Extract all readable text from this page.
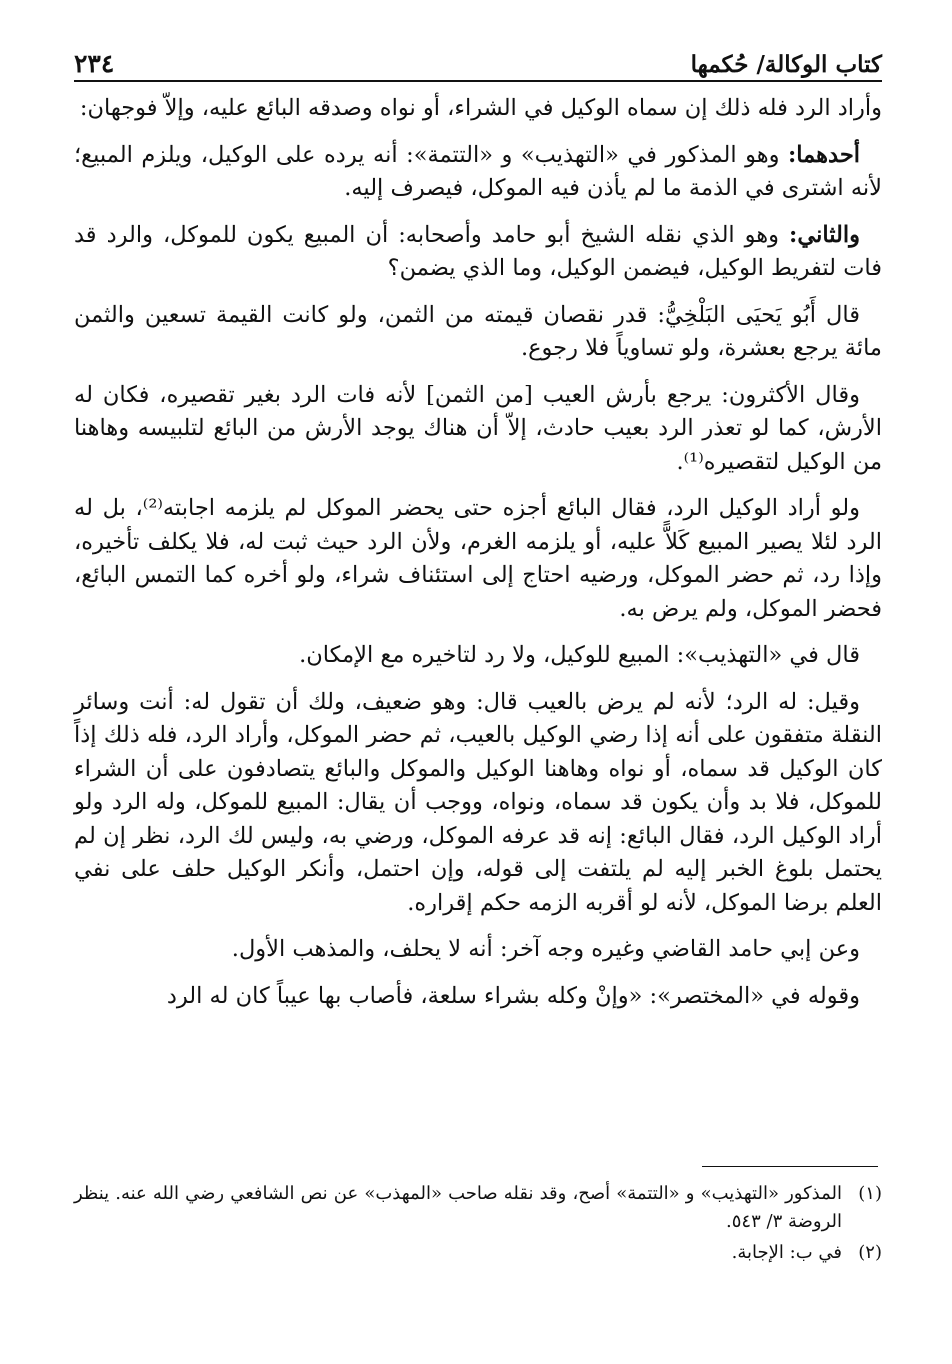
كتاب الوكالة/ حُكمها
٢٣٤

وأراد الرد فله ذلك إن سماه الوكيل في الشراء، أو نواه وصدقه البائع عليه، وإلاّ فوجهان:

أحدهما: وهو المذكور في «التهذيب» و «التتمة»: أنه يرده على الوكيل، ويلزم المبيع؛ لأنه اشترى في الذمة ما لم يأذن فيه الموكل، فيصرف إليه.

والثاني: وهو الذي نقله الشيخ أبو حامد وأصحابه: أن المبيع يكون للموكل، والرد قد فات لتفريط الوكيل، فيضمن الوكيل، وما الذي يضمن؟

قال أَبُو يَحيَى البَلْخِيُّ: قدر نقصان قيمته من الثمن، ولو كانت القيمة تسعين والثمن مائة يرجع بعشرة، ولو تساوياً فلا رجوع.

وقال الأكثرون: يرجع بأرش العيب [من الثمن] لأنه فات الرد بغير تقصيره، فكان له الأرش، كما لو تعذر الرد بعيب حادث، إلاّ أن هناك يوجد الأرش من البائع لتلبيسه وهاهنا من الوكيل لتقصيره⁽¹⁾.

ولو أراد الوكيل الرد، فقال البائع أجزه حتى يحضر الموكل لم يلزمه اجابته⁽²⁾، بل له الرد لئلا يصير المبيع كَلاًّ عليه، أو يلزمه الغرم، ولأن الرد حيث ثبت له، فلا يكلف تأخيره، وإذا رد، ثم حضر الموكل، ورضيه احتاج إلى استئناف شراء، ولو أخره كما التمس البائع، فحضر الموكل، ولم يرض به.

قال في «التهذيب»: المبيع للوكيل، ولا رد لتاخيره مع الإمكان.

وقيل: له الرد؛ لأنه لم يرض بالعيب قال: وهو ضعيف، ولك أن تقول له: أنت وسائر النقلة متفقون على أنه إذا رضي الوكيل بالعيب، ثم حضر الموكل، وأراد الرد، فله ذلك إذاً كان الوكيل قد سماه، أو نواه وهاهنا الوكيل والموكل والبائع يتصادفون على أن الشراء للموكل، فلا بد وأن يكون قد سماه، ونواه، ووجب أن يقال: المبيع للموكل، وله الرد ولو أراد الوكيل الرد، فقال البائع: إنه قد عرفه الموكل، ورضي به، وليس لك الرد، نظر إن لم يحتمل بلوغ الخبر إليه لم يلتفت إلى قوله، وإن احتمل، وأنكر الوكيل حلف على نفي العلم برضا الموكل، لأنه لو أقربه الزمه حكم إقراره.

وعن إبي حامد القاضي وغيره وجه آخر: أنه لا يحلف، والمذهب الأول.

وقوله في «المختصر»: «وإنْ وكله بشراء سلعة، فأصاب بها عيباً كان له الرد

(١)
المذكور «التهذيب» و «التتمة» أصح، وقد نقله صاحب «المهذب» عن نص الشافعي رضي الله عنه. ينظر الروضة ٣/ ٥٤٣.
(٢)
في ب: الإجابة.
